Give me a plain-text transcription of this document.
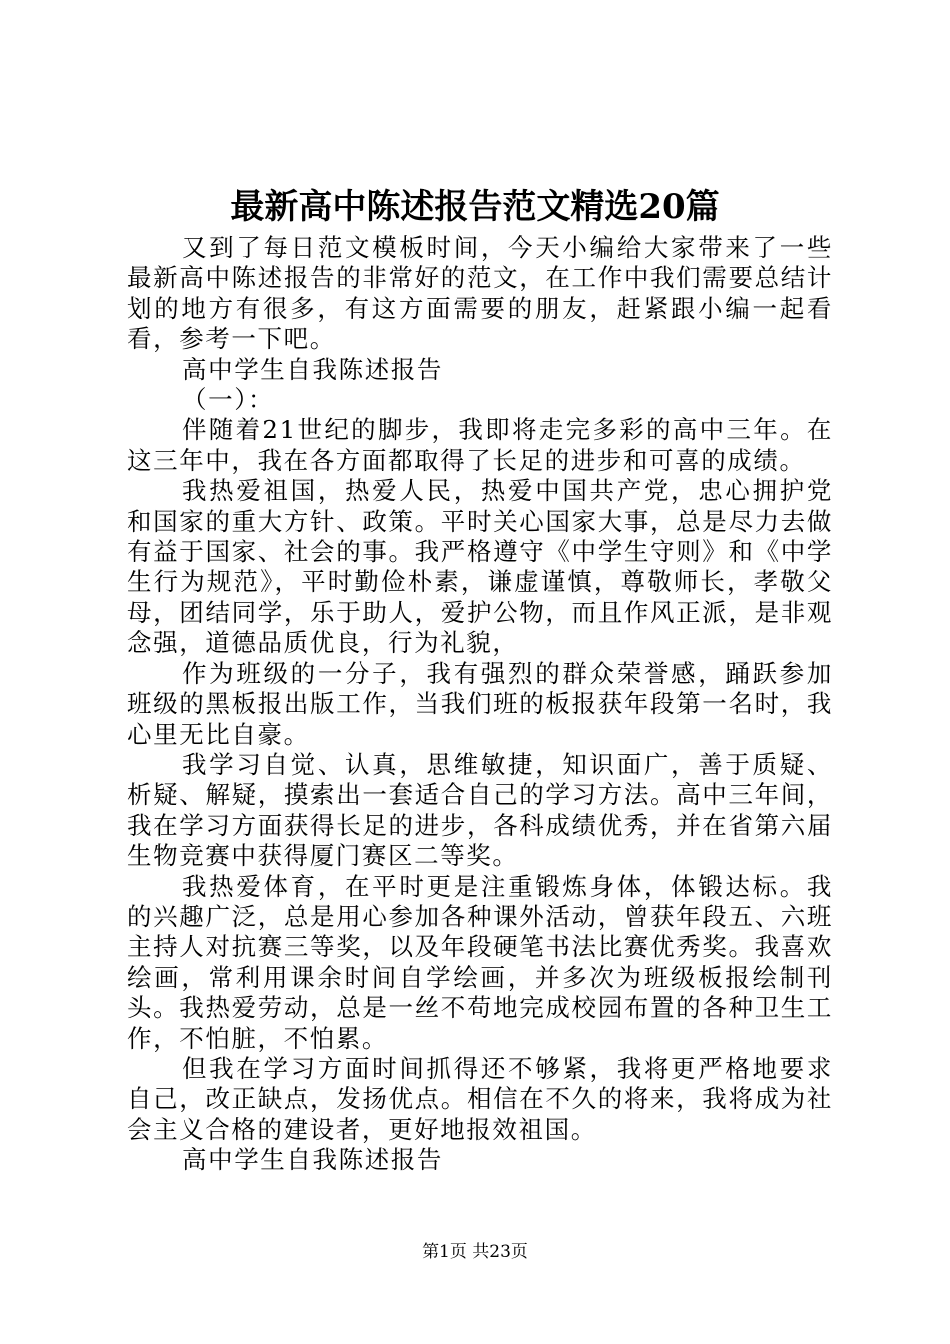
最新高中陈述报告范文精选20篇

又到了每日范文模板时间，今天小编给大家带来了一些最新高中陈述报告的非常好的范文，在工作中我们需要总结计划的地方有很多，有这方面需要的朋友，赶紧跟小编一起看看，参考一下吧。

高中学生自我陈述报告

（一）：

伴随着21世纪的脚步，我即将走完多彩的高中三年。在这三年中，我在各方面都取得了长足的进步和可喜的成绩。

我热爱祖国，热爱人民，热爱中国共产党，忠心拥护党和国家的重大方针、政策。平时关心国家大事，总是尽力去做有益于国家、社会的事。我严格遵守《中学生守则》和《中学生行为规范》，平时勤俭朴素，谦虚谨慎，尊敬师长，孝敬父母，团结同学，乐于助人，爱护公物，而且作风正派，是非观念强，道德品质优良，行为礼貌，

作为班级的一分子，我有强烈的群众荣誉感，踊跃参加班级的黑板报出版工作，当我们班的板报获年段第一名时，我心里无比自豪。

我学习自觉、认真，思维敏捷，知识面广，善于质疑、析疑、解疑，摸索出一套适合自己的学习方法。高中三年间，我在学习方面获得长足的进步，各科成绩优秀，并在省第六届生物竞赛中获得厦门赛区二等奖。

我热爱体育，在平时更是注重锻炼身体，体锻达标。我的兴趣广泛，总是用心参加各种课外活动，曾获年段五、六班主持人对抗赛三等奖，以及年段硬笔书法比赛优秀奖。我喜欢绘画，常利用课余时间自学绘画，并多次为班级板报绘制刊头。我热爱劳动，总是一丝不苟地完成校园布置的各种卫生工作，不怕脏，不怕累。

但我在学习方面时间抓得还不够紧，我将更严格地要求自己，改正缺点，发扬优点。相信在不久的将来，我将成为社会主义合格的建设者，更好地报效祖国。

高中学生自我陈述报告

第1页 共23页
